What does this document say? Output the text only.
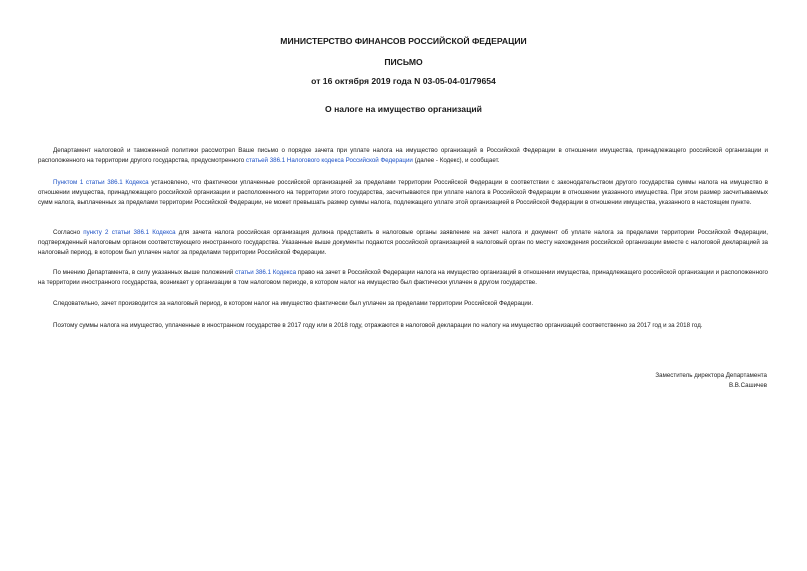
МИНИСТЕРСТВО ФИНАНСОВ РОССИЙСКОЙ ФЕДЕРАЦИИ
ПИСЬМО
от 16 октября 2019 года N 03-05-04-01/79654
О налоге на имущество организаций
Департамент налоговой и таможенной политики рассмотрел Ваше письмо о порядке зачета при уплате налога на имущество организаций в Российской Федерации в отношении имущества, принадлежащего российской организации и расположенного на территории другого государства, предусмотренного статьей 386.1 Налогового кодекса Российской Федерации (далее - Кодекс), и сообщает.
Пунктом 1 статьи 386.1 Кодекса установлено, что фактически уплаченные российской организацией за пределами территории Российской Федерации в соответствии с законодательством другого государства суммы налога на имущество в отношении имущества, принадлежащего российской организации и расположенного на территории этого государства, засчитываются при уплате налога в Российской Федерации в отношении указанного имущества. При этом размер засчитываемых сумм налога, выплаченных за пределами территории Российской Федерации, не может превышать размер суммы налога, подлежащего уплате этой организацией в Российской Федерации в отношении имущества, указанного в настоящем пункте.
Согласно пункту 2 статьи 386.1 Кодекса для зачета налога российская организация должна представить в налоговые органы заявление на зачет налога и документ об уплате налога за пределами территории Российской Федерации, подтвержденный налоговым органом соответствующего иностранного государства. Указанные выше документы подаются российской организацией в налоговый орган по месту нахождения российской организации вместе с налоговой декларацией за налоговый период, в котором был уплачен налог за пределами территории Российской Федерации.
По мнению Департамента, в силу указанных выше положений статьи 386.1 Кодекса право на зачет в Российской Федерации налога на имущество организаций в отношении имущества, принадлежащего российской организации и расположенного на территории иностранного государства, возникает у организации в том налоговом периоде, в котором налог на имущество был фактически уплачен в другом государстве.
Следовательно, зачет производится за налоговый период, в котором налог на имущество фактически был уплачен за пределами территории Российской Федерации.
Поэтому суммы налога на имущество, уплаченные в иностранном государстве в 2017 году или в 2018 году, отражаются в налоговой декларации по налогу на имущество организаций соответственно за 2017 год и за 2018 год.
Заместитель директора Департамента
В.В.Сашичев
